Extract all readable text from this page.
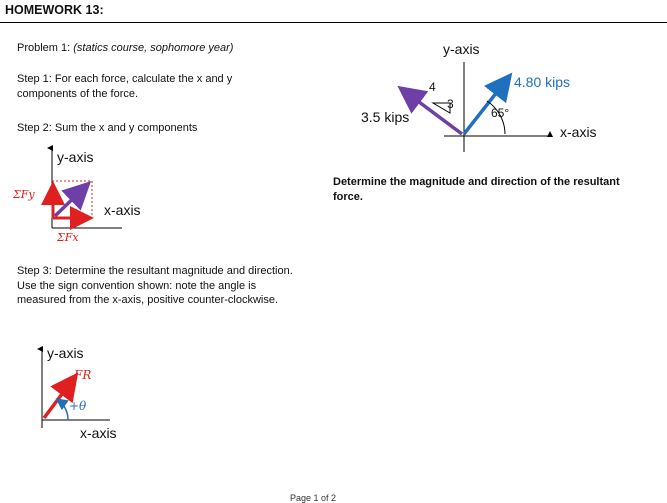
HOMEWORK 13:
Problem 1: (statics course, sophomore year)
Step 1: For each force, calculate the x and y components of the force.
Step 2: Sum the x and y components
Step 3: Determine the resultant magnitude and direction. Use the sign convention shown: note the angle is measured from the x-axis, positive counter-clockwise.
Determine the magnitude and direction of the resultant force.
y-axis
x-axis
ΣFy
ΣFx
y-axis
x-axis
FR
+θ
y-axis
x-axis
4.80 kips
65°
3.5 kips
4
3
Page 1 of 2
